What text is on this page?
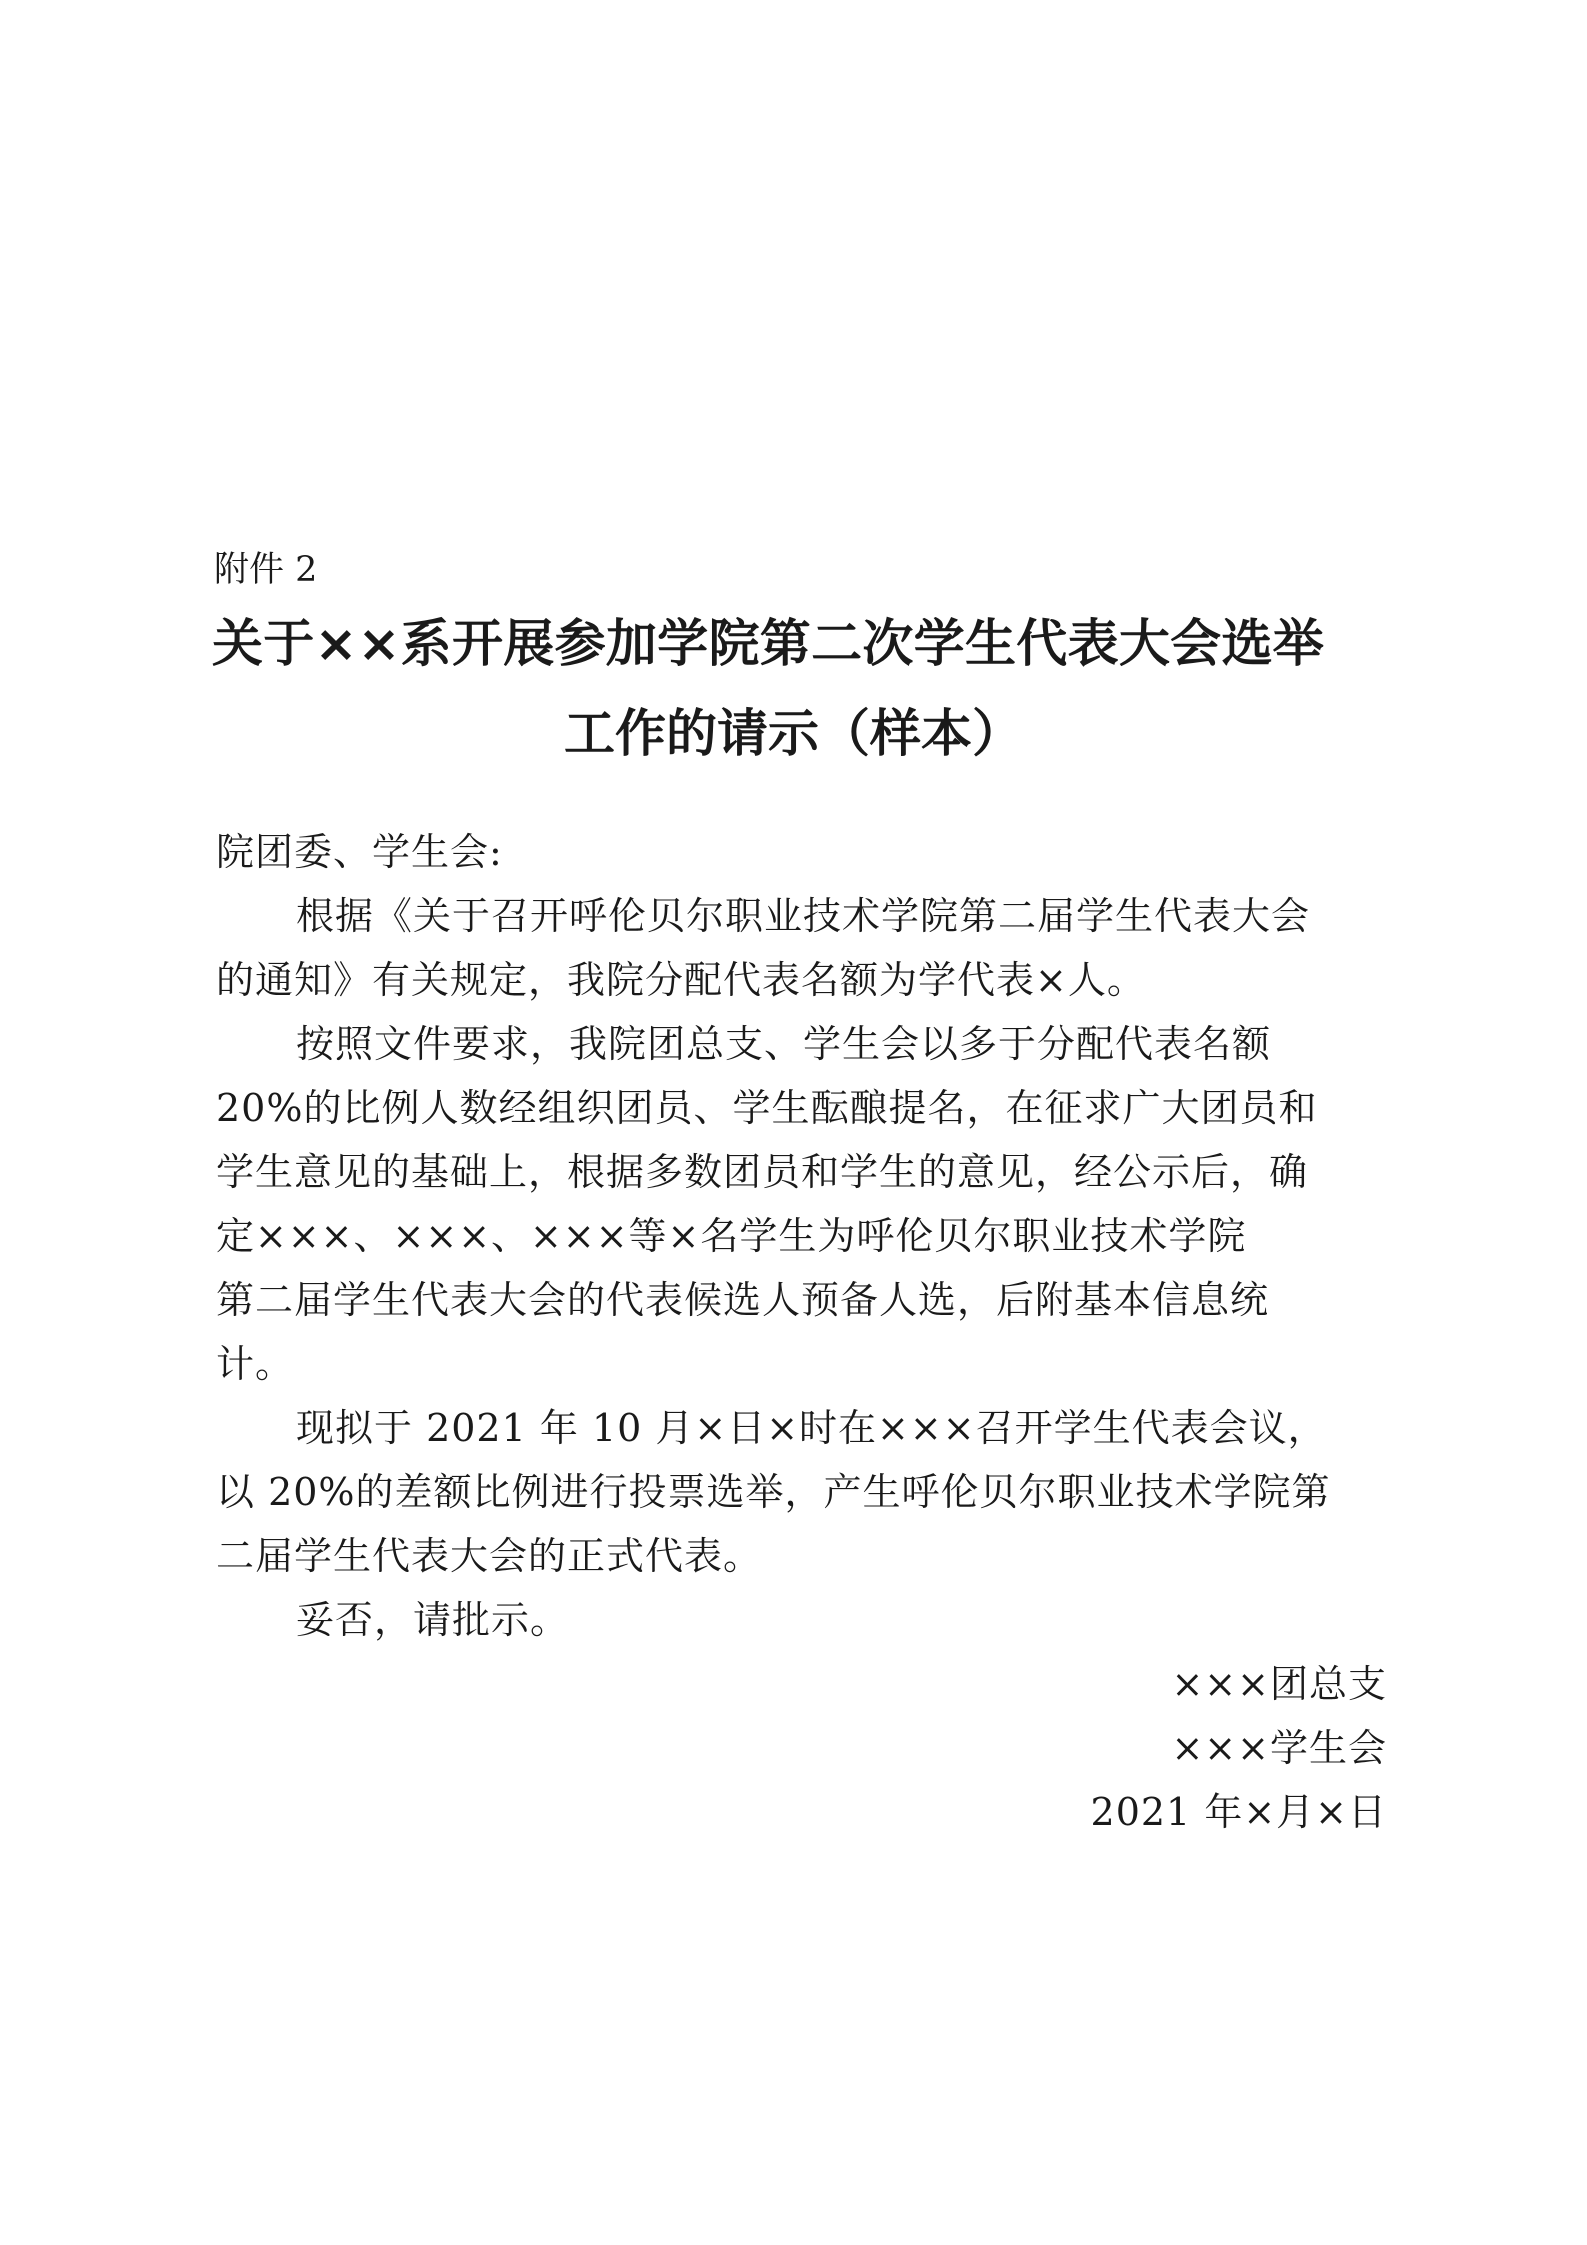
附件 2
关于××系开展参加学院第二次学生代表大会选举
工作的请示（样本）
院团委、学生会:
根据《关于召开呼伦贝尔职业技术学院第二届学生代表大会
的通知》有关规定，我院分配代表名额为学代表×人。
按照文件要求，我院团总支、学生会以多于分配代表名额
20%的比例人数经组织团员、学生酝酿提名，在征求广大团员和
学生意见的基础上，根据多数团员和学生的意见，经公示后，确
定×××、×××、×××等×名学生为呼伦贝尔职业技术学院
第二届学生代表大会的代表候选人预备人选，后附基本信息统
计。
现拟于 2021 年 10 月×日×时在×××召开学生代表会议，
以 20%的差额比例进行投票选举，产生呼伦贝尔职业技术学院第
二届学生代表大会的正式代表。
妥否，请批示。
×××团总支
×××学生会
2021 年×月×日
